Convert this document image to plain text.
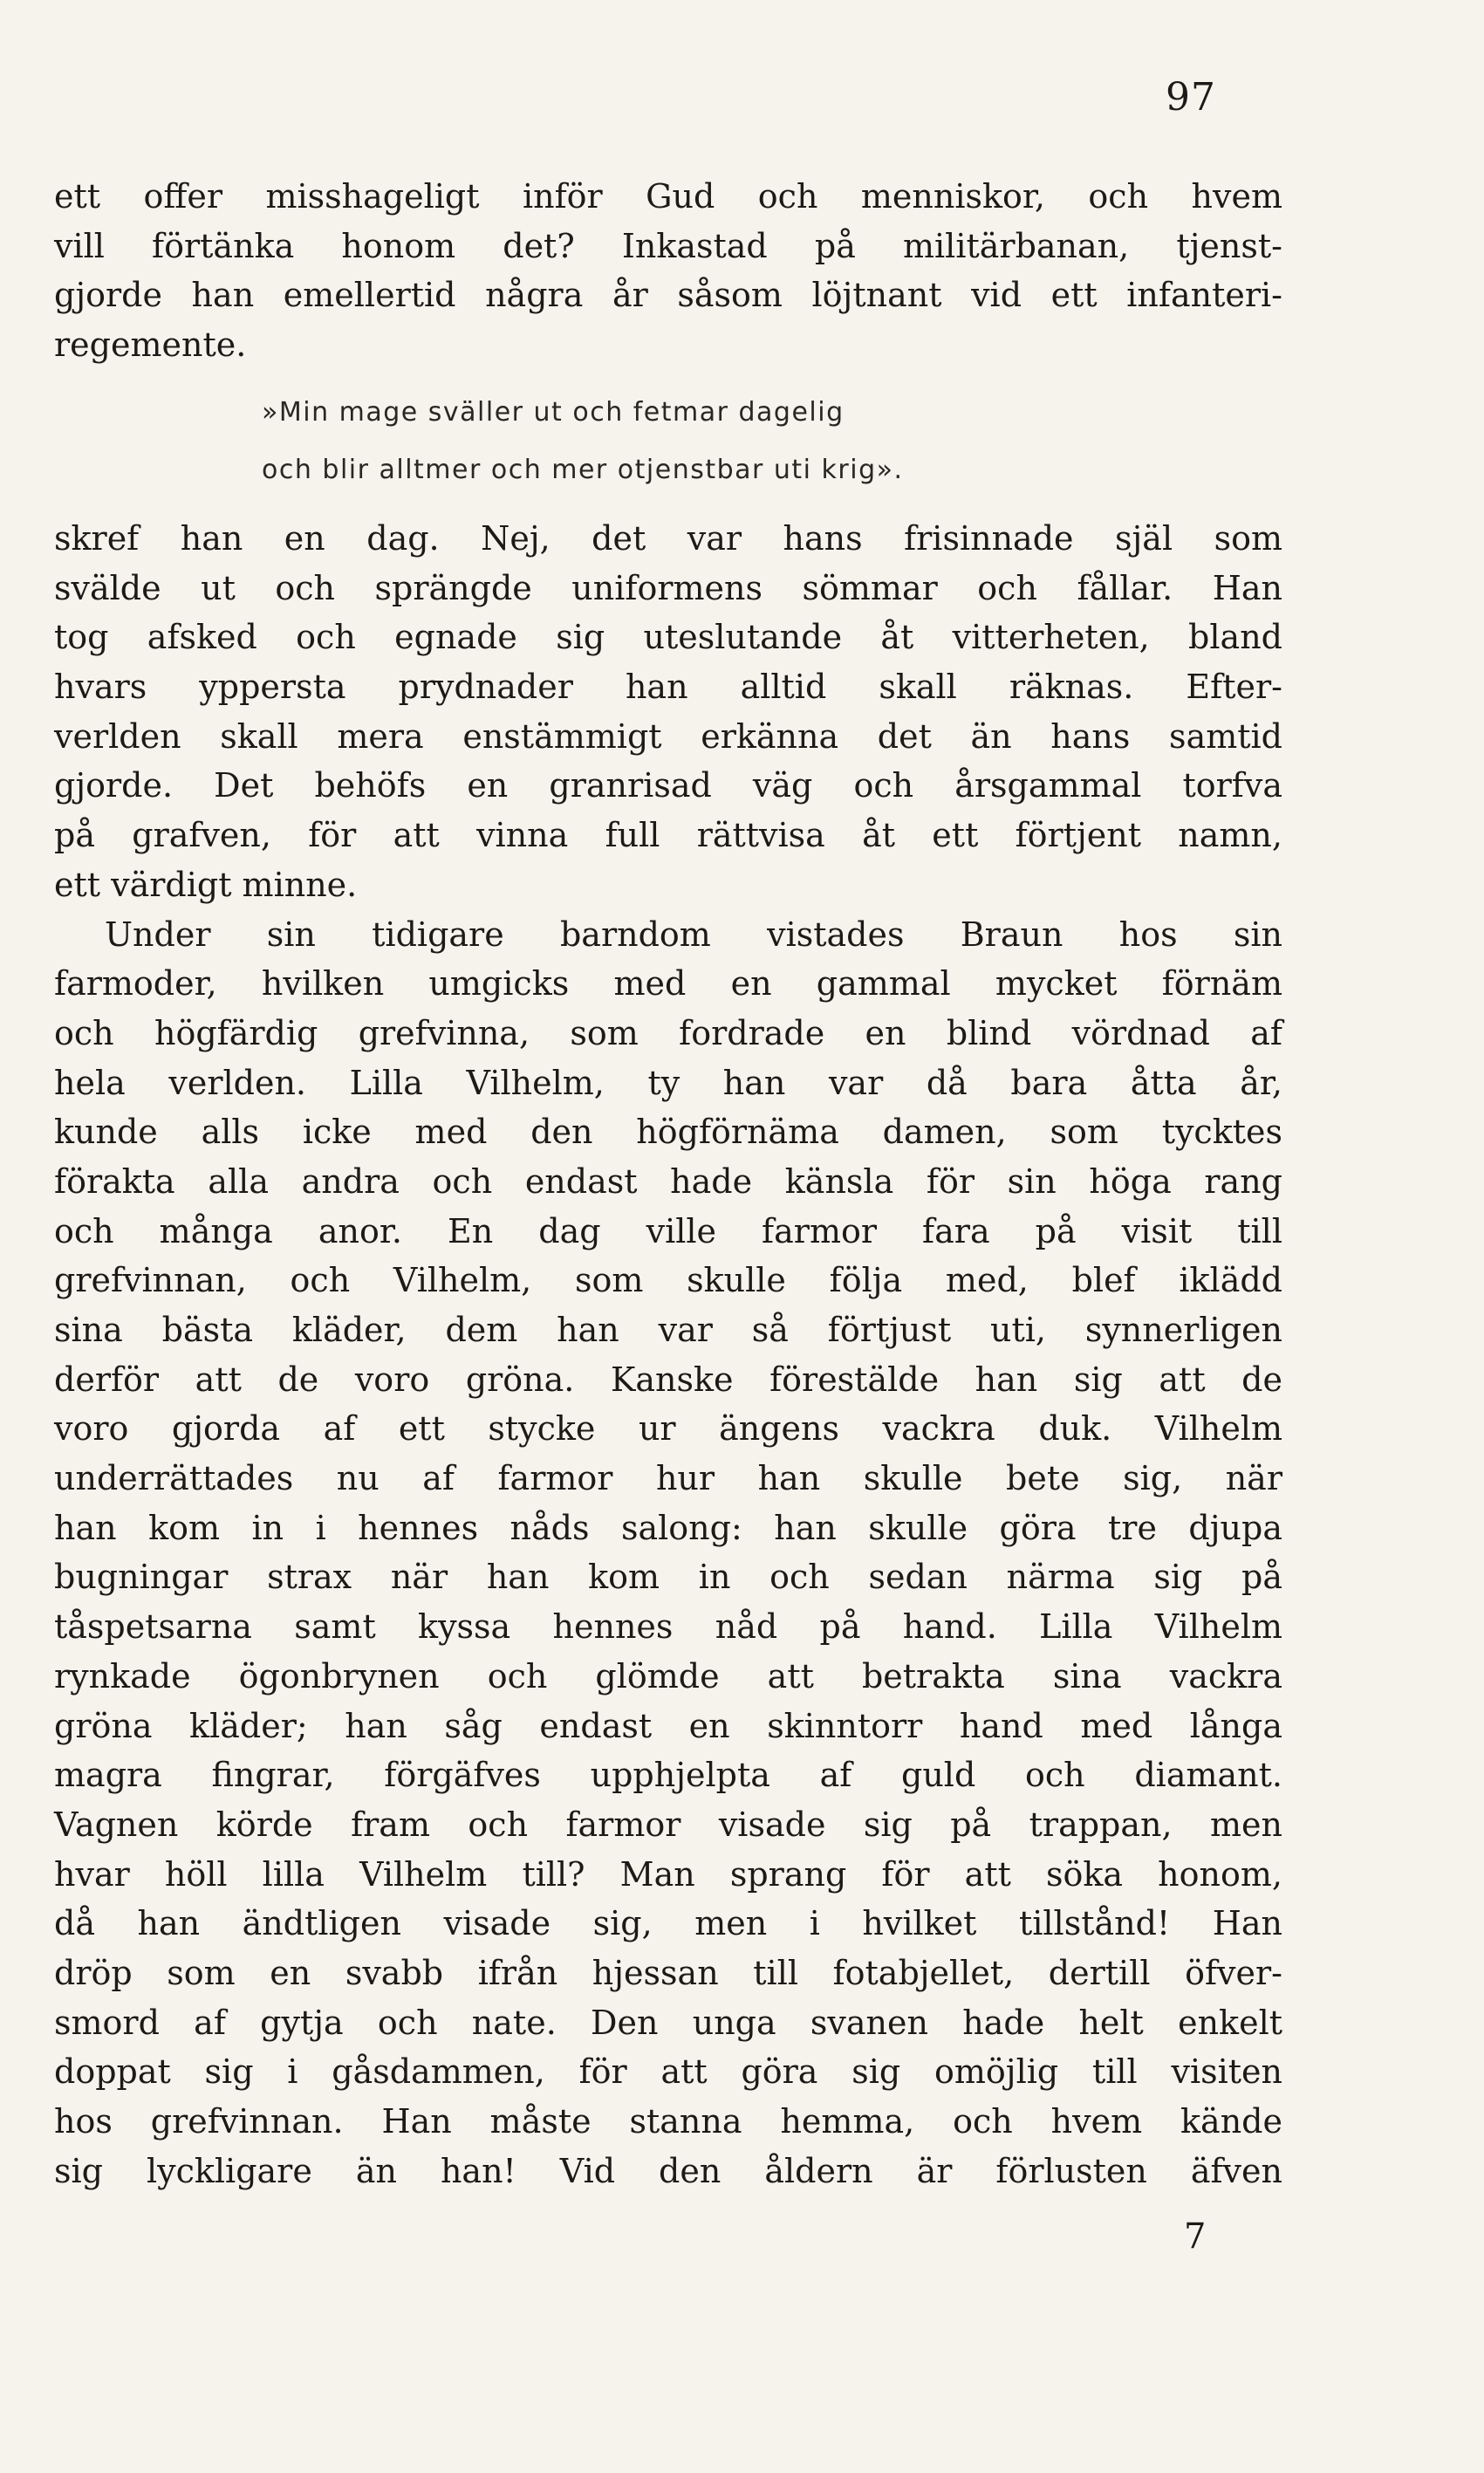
97
ett offer misshageligt inför Gud och menniskor, och hvem
vill förtänka honom det? Inkastad på militärbanan, tjenst-
gjorde han emellertid några år såsom löjtnant vid ett infanteri-
regemente.
»Min mage sväller ut och fetmar dagelig
och blir alltmer och mer otjenstbar uti krig».
skref han en dag. Nej, det var hans frisinnade själ som
svälde ut och sprängde uniformens sömmar och fållar. Han
tog afsked och egnade sig uteslutande åt vitterheten, bland
hvars yppersta prydnader han alltid skall räknas. Efter-
verlden skall mera enstämmigt erkänna det än hans samtid
gjorde. Det behöfs en granrisad väg och årsgammal torfva
på grafven, för att vinna full rättvisa åt ett förtjent namn,
ett värdigt minne.
Under sin tidigare barndom vistades Braun hos sin
farmoder, hvilken umgicks med en gammal mycket förnäm
och högfärdig grefvinna, som fordrade en blind vördnad af
hela verlden. Lilla Vilhelm, ty han var då bara åtta år,
kunde alls icke med den högförnäma damen, som tycktes
förakta alla andra och endast hade känsla för sin höga rang
och många anor. En dag ville farmor fara på visit till
grefvinnan, och Vilhelm, som skulle följa med, blef iklädd
sina bästa kläder, dem han var så förtjust uti, synnerligen
derför att de voro gröna. Kanske förestälde han sig att de
voro gjorda af ett stycke ur ängens vackra duk. Vilhelm
underrättades nu af farmor hur han skulle bete sig, när
han kom in i hennes nåds salong: han skulle göra tre djupa
bugningar strax när han kom in och sedan närma sig på
tåspetsarna samt kyssa hennes nåd på hand. Lilla Vilhelm
rynkade ögonbrynen och glömde att betrakta sina vackra
gröna kläder; han såg endast en skinntorr hand med långa
magra fingrar, förgäfves upphjelpta af guld och diamant.
Vagnen körde fram och farmor visade sig på trappan, men
hvar höll lilla Vilhelm till? Man sprang för att söka honom,
då han ändtligen visade sig, men i hvilket tillstånd! Han
dröp som en svabb ifrån hjessan till fotabjellet, dertill öfver-
smord af gytja och nate. Den unga svanen hade helt enkelt
doppat sig i gåsdammen, för att göra sig omöjlig till visiten
hos grefvinnan. Han måste stanna hemma, och hvem kände
sig lyckligare än han! Vid den åldern är förlusten äfven
7
